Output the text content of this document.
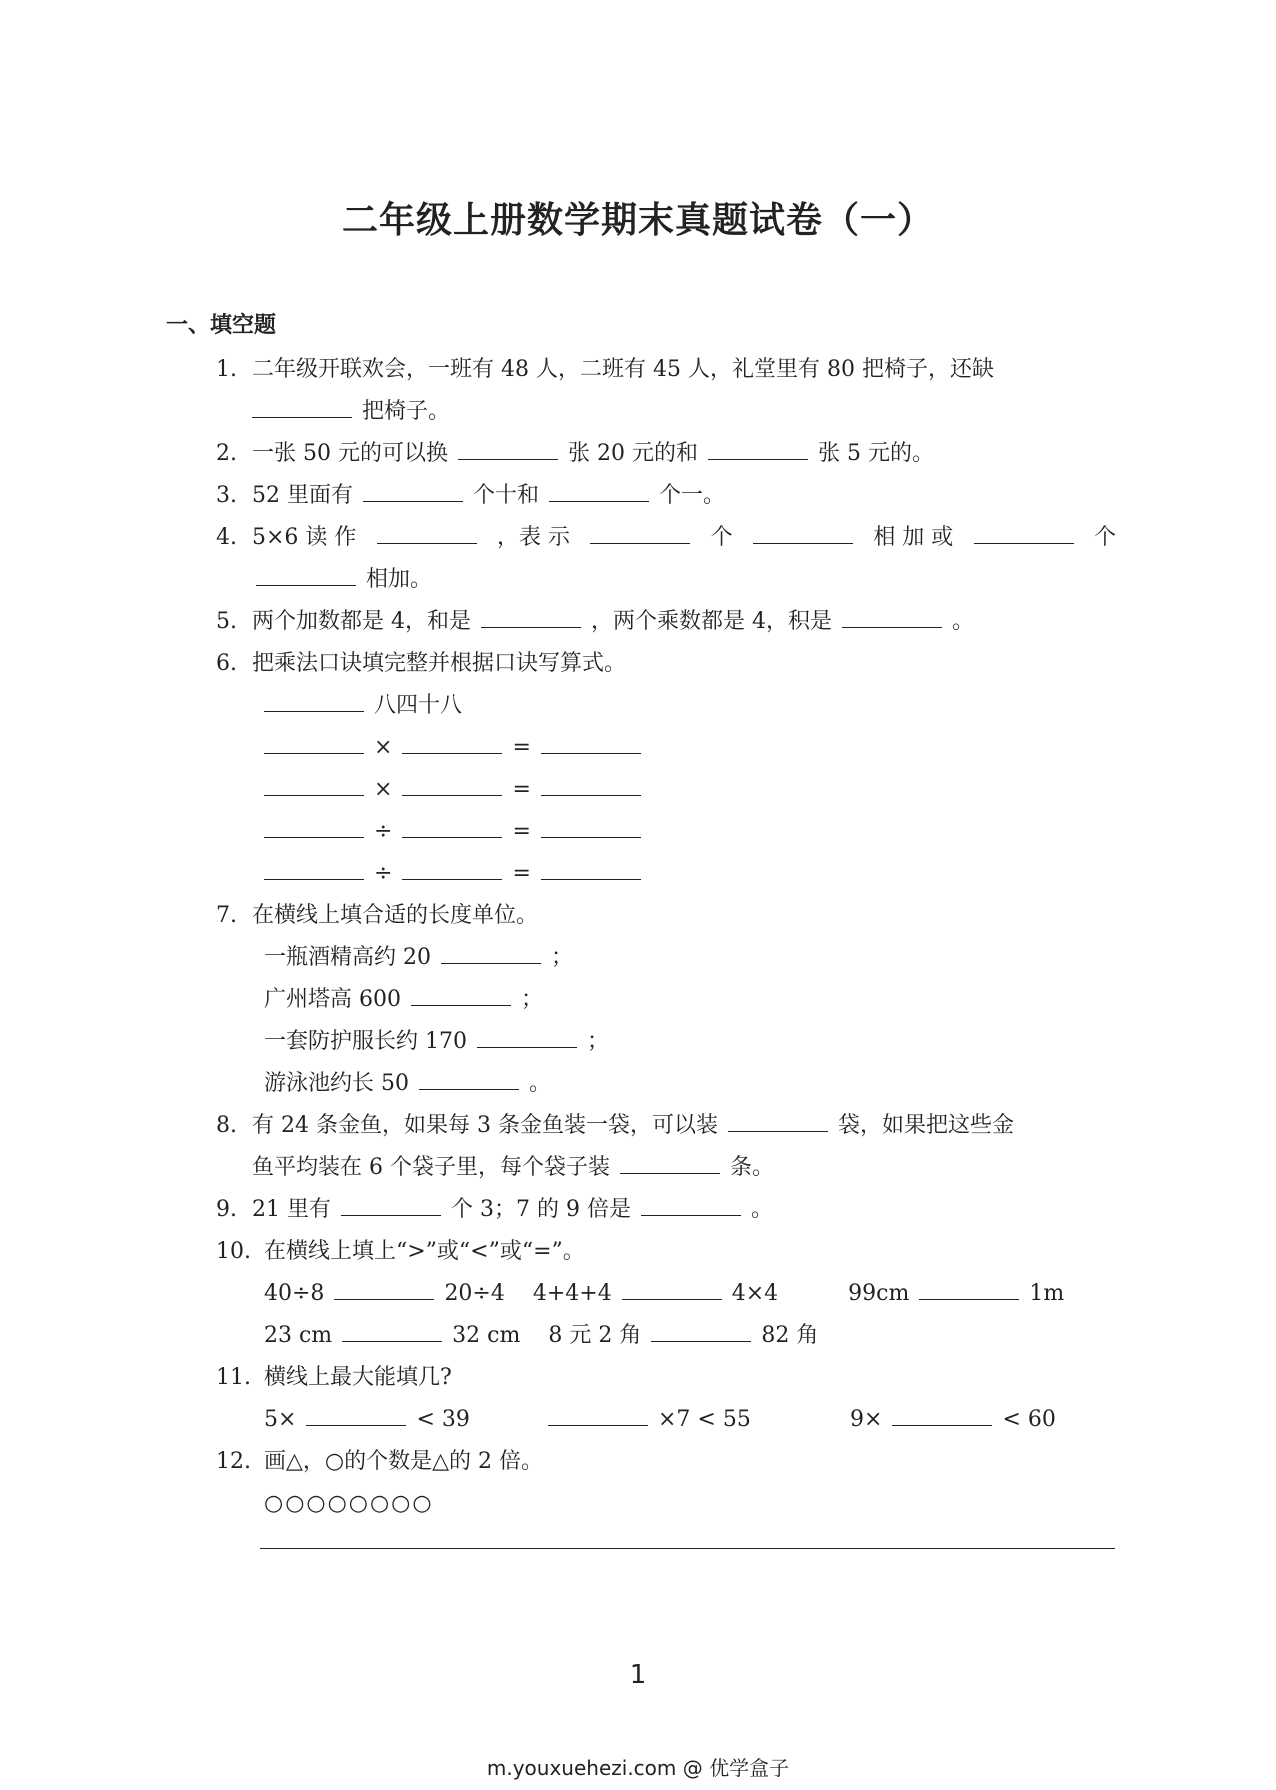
二年级上册数学期末真题试卷（一）
一、填空题
1. 二年级开联欢会，一班有 48 人，二班有 45 人，礼堂里有 80 把椅子，还缺
把椅子。
2. 一张 50 元的可以换	张 20 元的和	张 5 元的。
3. 52 里面有	个十和	个一。
4. 5×6 读 作	，表 示	个	相 加 或	个
相加。
5. 两个加数都是 4，和是	，两个乘数都是 4，积是	。
6. 把乘法口诀填完整并根据口诀写算式。
八四十八
×	=
×	=
÷	=
÷	=
7. 在横线上填合适的长度单位。
一瓶酒精高约 20	；
广州塔高 600	；
一套防护服长约 170	；
游泳池约长 50	。
8. 有 24 条金鱼，如果每 3 条金鱼装一袋，可以装	袋，如果把这些金
鱼平均装在 6 个袋子里，每个袋子装	条。
9. 21 里有	个 3；7 的 9 倍是	。
10. 在横线上填上“>”或“<”或“=”。
40÷8	20÷4 4+4+4	4×4	99cm	1m
23 cm	32 cm 8 元 2 角	82 角
11. 横线上最大能填几?
5×	< 39	×7 < 55	9×	< 60
12. 画△，○的个数是△的 2 倍。
○○○○○○○○
1
m.youxuehezi.com @ 优学盒子
